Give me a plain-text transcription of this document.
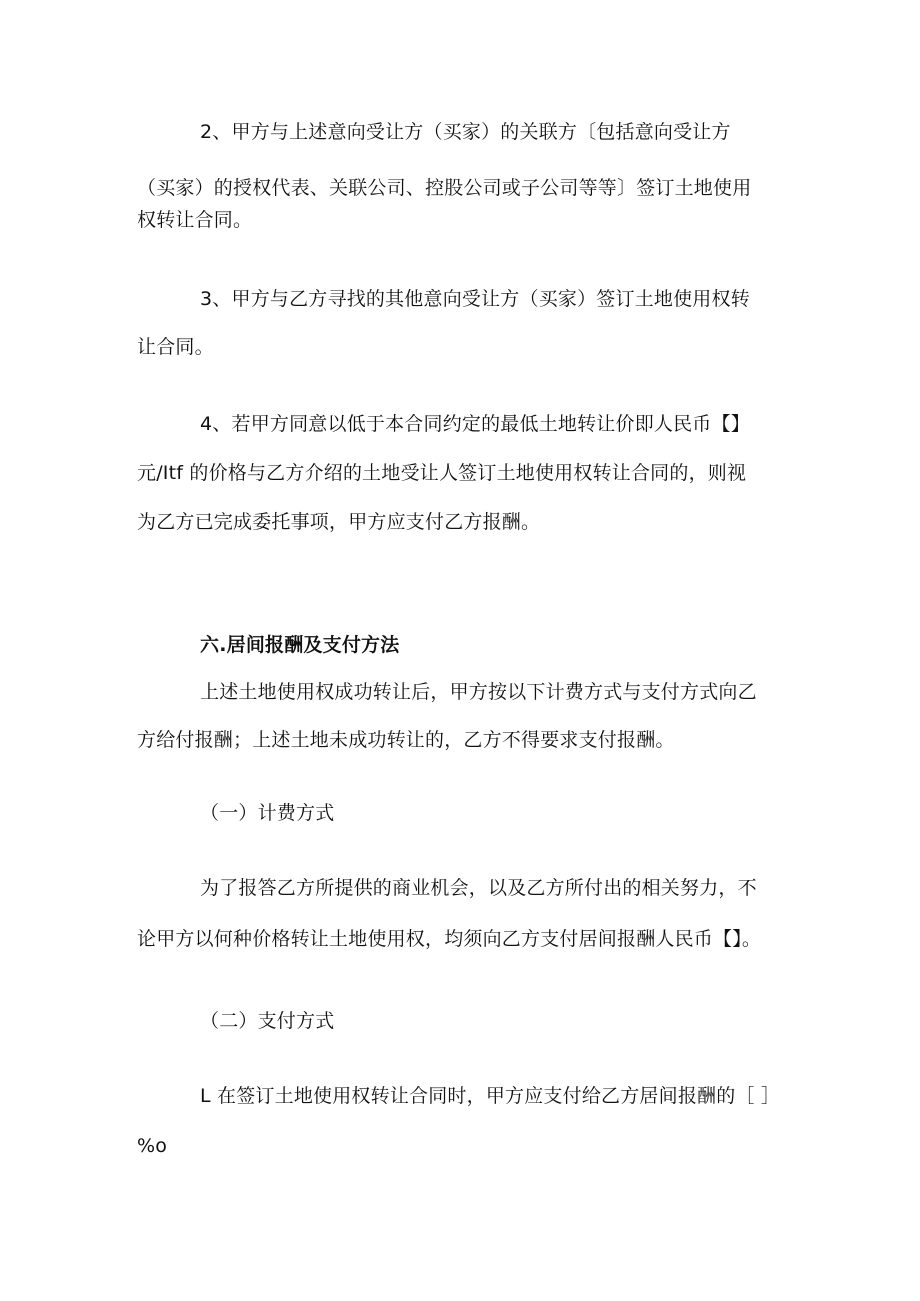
2、甲方与上述意向受让方（买家）的关联方〔包括意向受让方
（买家）的授权代表、关联公司、控股公司或子公司等等〕签订土地使用
权转让合同。
3、甲方与乙方寻找的其他意向受让方（买家）签订土地使用权转
让合同。
4、若甲方同意以低于本合同约定的最低土地转让价即人民币【】
元/Itf 的价格与乙方介绍的土地受让人签订土地使用权转让合同的，则视
为乙方已完成委托事项，甲方应支付乙方报酬。
六.居间报酬及支付方法
上述土地使用权成功转让后，甲方按以下计费方式与支付方式向乙
方给付报酬；上述土地未成功转让的，乙方不得要求支付报酬。
（一）计费方式
为了报答乙方所提供的商业机会，以及乙方所付出的相关努力，不
论甲方以何种价格转让土地使用权，均须向乙方支付居间报酬人民币【】。
（二）支付方式
L 在签订土地使用权转让合同时，甲方应支付给乙方居间报酬的［ ］
%o
